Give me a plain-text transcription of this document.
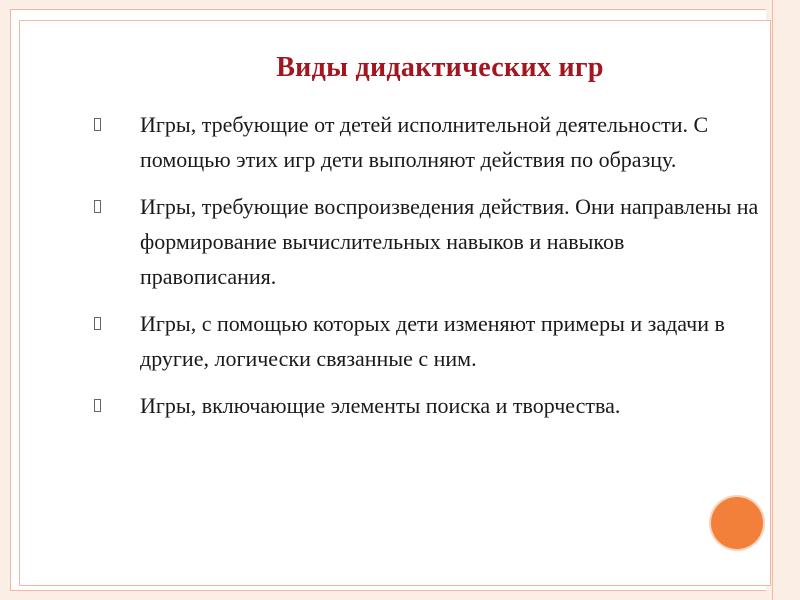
Виды дидактических игр
Игры, требующие от детей исполнительной деятельности. С помощью этих игр дети выполняют действия по образцу.
Игры, требующие воспроизведения действия. Они направлены на формирование вычислительных навыков и навыков правописания.
Игры, с помощью которых дети изменяют примеры и задачи в другие, логически связанные с ним.
Игры, включающие элементы поиска и творчества.
